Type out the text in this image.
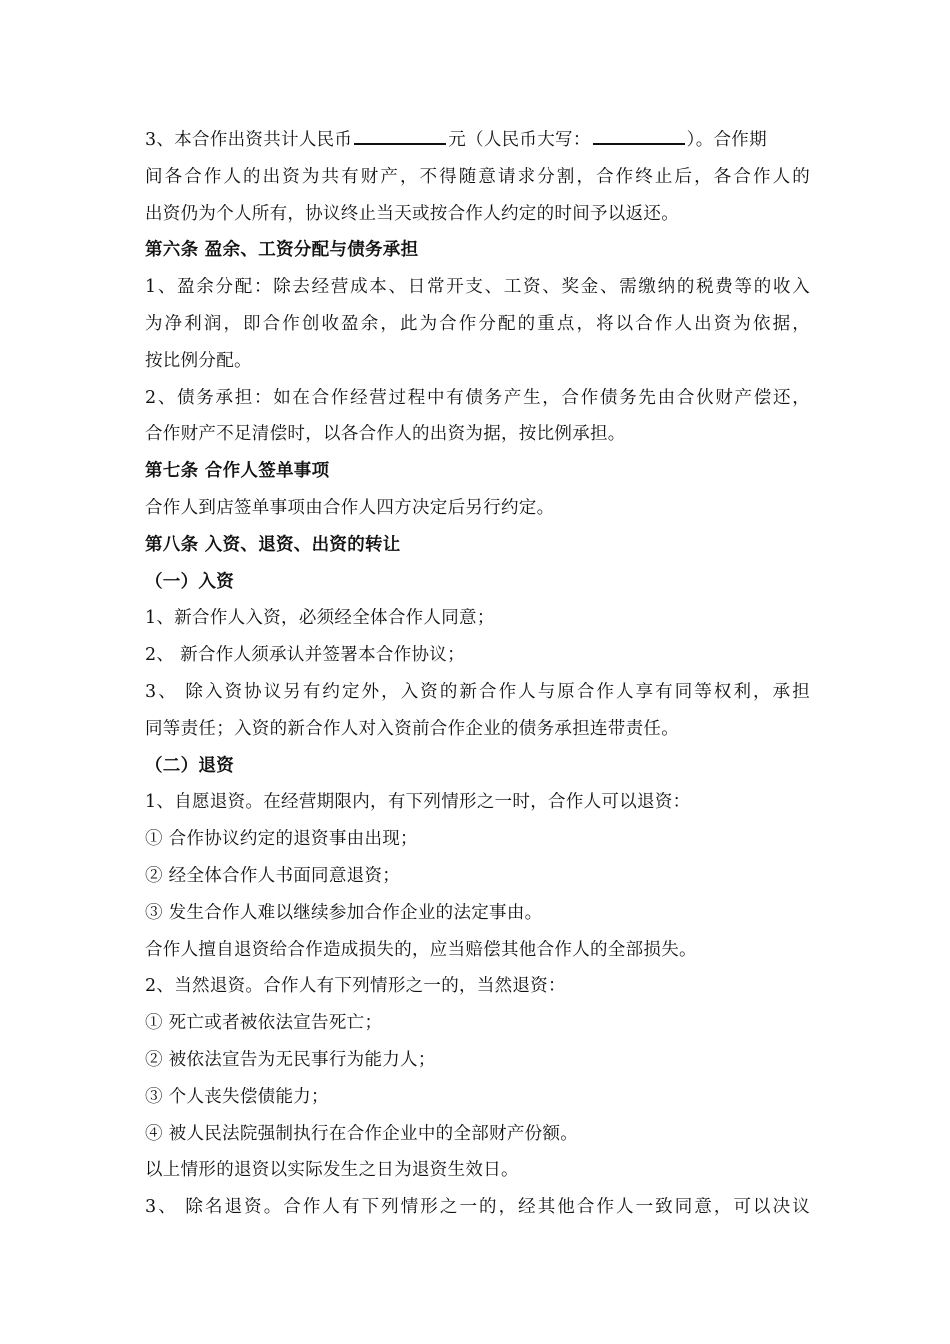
3、本合作出资共计人民币	元（人民币大写：	）。合作期
间各合作人的出资为共有财产，不得随意请求分割，合作终止后，各合作人的
出资仍为个人所有，协议终止当天或按合作人约定的时间予以返还。
第六条 盈余、工资分配与债务承担
1、盈余分配：除去经营成本、日常开支、工资、奖金、需缴纳的税费等的收入
为净利润，即合作创收盈余，此为合作分配的重点，将以合作人出资为依据，
按比例分配。
2、债务承担：如在合作经营过程中有债务产生，合作债务先由合伙财产偿还，
合作财产不足清偿时，以各合作人的出资为据，按比例承担。
第七条 合作人签单事项
合作人到店签单事项由合作人四方决定后另行约定。
第八条 入资、退资、出资的转让
（一）入资
1、新合作人入资，必须经全体合作人同意；
2、 新合作人须承认并签署本合作协议；
3、 除入资协议另有约定外，入资的新合作人与原合作人享有同等权利，承担
同等责任；入资的新合作人对入资前合作企业的债务承担连带责任。
（二）退资
1、自愿退资。在经营期限内，有下列情形之一时，合作人可以退资：
① 合作协议约定的退资事由出现；
② 经全体合作人书面同意退资；
③ 发生合作人难以继续参加合作企业的法定事由。
合作人擅自退资给合作造成损失的，应当赔偿其他合作人的全部损失。
2、当然退资。合作人有下列情形之一的，当然退资：
① 死亡或者被依法宣告死亡；
② 被依法宣告为无民事行为能力人；
③ 个人丧失偿债能力；
④ 被人民法院强制执行在合作企业中的全部财产份额。
以上情形的退资以实际发生之日为退资生效日。
3、 除名退资。合作人有下列情形之一的，经其他合作人一致同意，可以决议
